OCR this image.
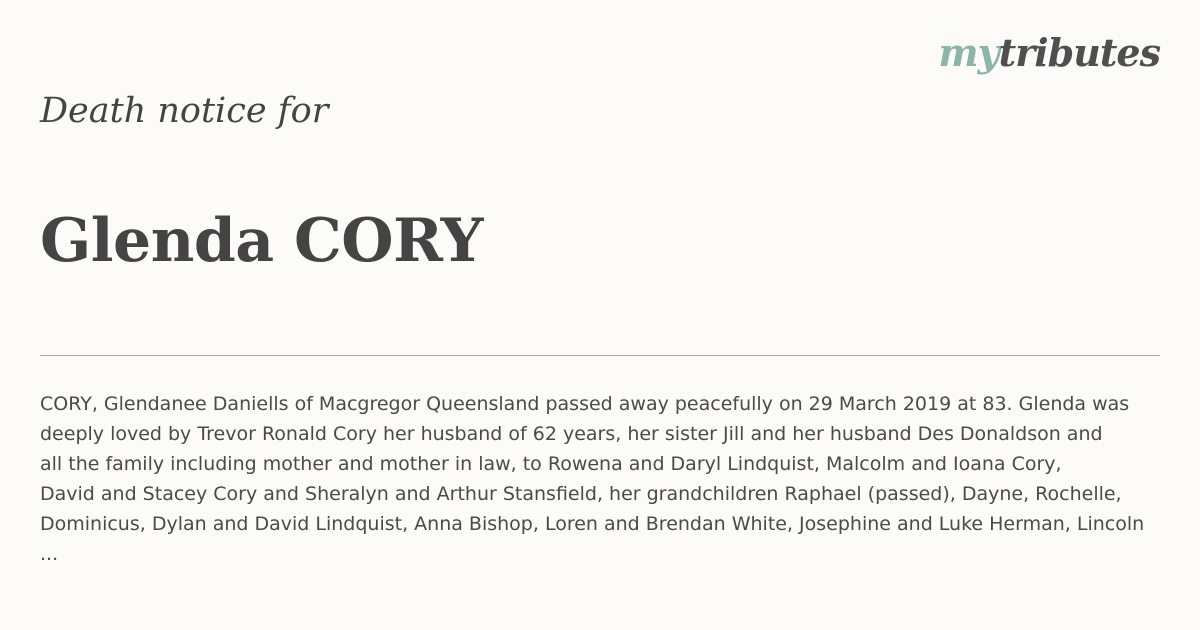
mytributes
Death notice for
Glenda CORY
CORY, Glendanee Daniells of Macgregor Queensland passed away peacefully on 29 March 2019 at 83. Glenda was
deeply loved by Trevor Ronald Cory her husband of 62 years, her sister Jill and her husband Des Donaldson and
all the family including mother and mother in law, to Rowena and Daryl Lindquist, Malcolm and Ioana Cory,
David and Stacey Cory and Sheralyn and Arthur Stansfield, her grandchildren Raphael (passed), Dayne, Rochelle,
Dominicus, Dylan and David Lindquist, Anna Bishop, Loren and Brendan White, Josephine and Luke Herman, Lincoln
...
